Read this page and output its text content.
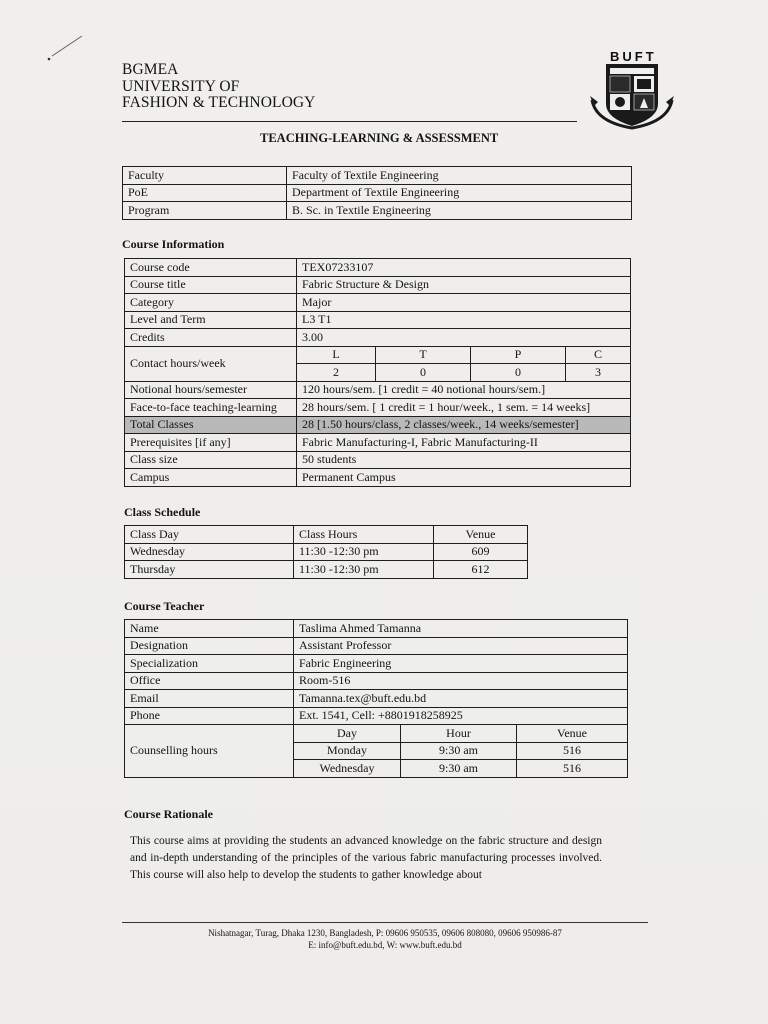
BGMEA
UNIVERSITY OF
FASHION & TECHNOLOGY
BUFT
TEACHING-LEARNING & ASSESSMENT
Faculty	Faculty of Textile Engineering
PoE	Department of Textile Engineering
Program	B. Sc. in Textile Engineering
Course Information
Course code	TEX07233107			
Course title	Fabric Structure & Design			
Category	Major			
Level and Term	L3 T1			
Credits	3.00			
Contact hours/week	L	T	P	C
	2	0	0	3
Notional hours/semester	120 hours/sem. [1 credit = 40 notional hours/sem.]			
Face-to-face teaching-learning	28 hours/sem. [ 1 credit = 1 hour/week., 1 sem. = 14 weeks]			
Total Classes	28 [1.50 hours/class, 2 classes/week., 14 weeks/semester]			
Prerequisites [if any]	Fabric Manufacturing-I, Fabric Manufacturing-II			
Class size	50 students			
Campus	Permanent Campus			
Class Schedule
Class Day	Class Hours	Venue
Wednesday	11:30 -12:30 pm	609
Thursday	11:30 -12:30 pm	612
Course Teacher
Name	Taslima Ahmed Tamanna		
Designation	Assistant Professor		
Specialization	Fabric Engineering		
Office	Room-516		
Email	Tamanna.tex@buft.edu.bd		
Phone	Ext. 1541, Cell: +8801918258925		
Counselling hours	Day	Hour	Venue
	Monday	9:30 am	516
	Wednesday	9:30 am	516
Course Rationale
This course aims at providing the students an advanced knowledge on the fabric structure and design and in-depth understanding of the principles of the various fabric manufacturing processes involved. This course will also help to develop the students to gather knowledge about
Nishatnagar, Turag, Dhaka 1230, Bangladesh, P: 09606 950535, 09606 808080, 09606 950986-87
E: info@buft.edu.bd, W: www.buft.edu.bd
